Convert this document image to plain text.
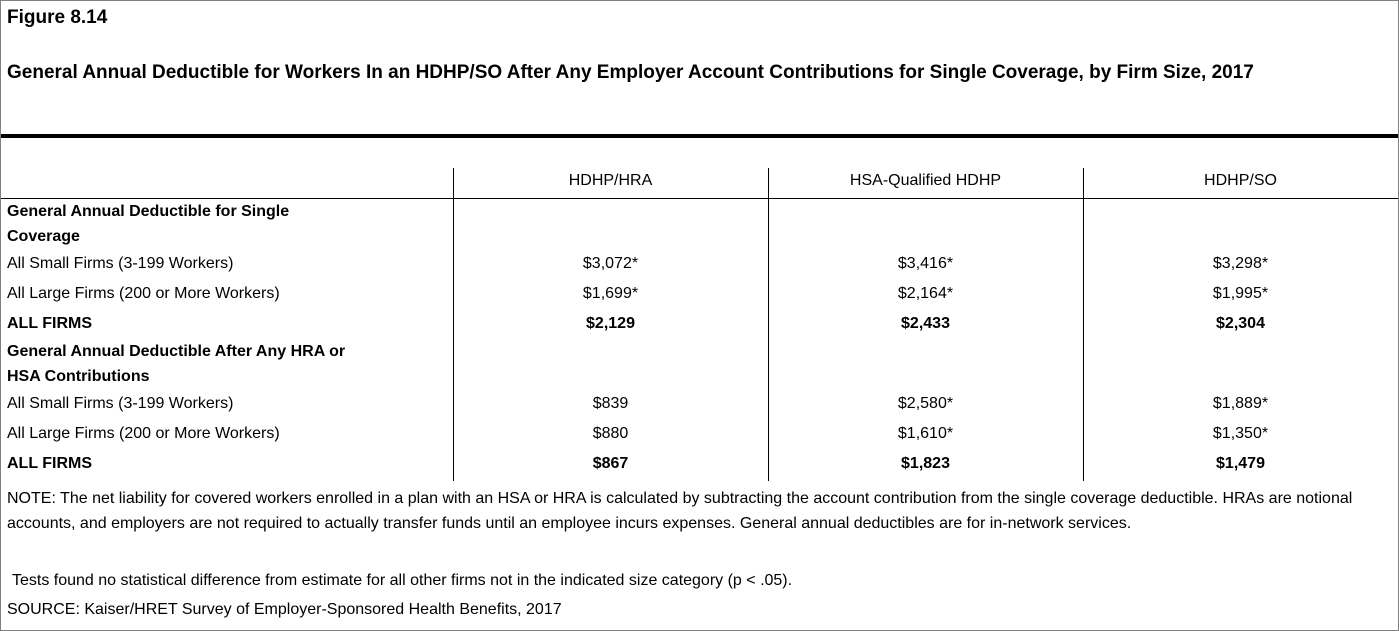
Figure 8.14
General Annual Deductible for Workers In an HDHP/SO After Any Employer Account Contributions for Single Coverage, by Firm Size, 2017
HDHP/HRA	HSA-Qualified HDHP	HDHP/SO
General Annual Deductible for Single
Coverage
All Small Firms (3-199 Workers)	$3,072*	$3,416*	$3,298*
All Large Firms (200 or More Workers)	$1,699*	$2,164*	$1,995*
ALL FIRMS	$2,129	$2,433	$2,304
General Annual Deductible After Any HRA or
HSA Contributions
All Small Firms (3-199 Workers)	$839	$2,580*	$1,889*
All Large Firms (200 or More Workers)	$880	$1,610*	$1,350*
ALL FIRMS	$867	$1,823	$1,479
NOTE: The net liability for covered workers enrolled in a plan with an HSA or HRA is calculated by subtracting the account contribution from the single coverage deductible. HRAs are notional accounts, and employers are not required to actually transfer funds until an employee incurs expenses. General annual deductibles are for in-network services.
Tests found no statistical difference from estimate for all other firms not in the indicated size category (p < .05).
SOURCE: Kaiser/HRET Survey of Employer-Sponsored Health Benefits, 2017
